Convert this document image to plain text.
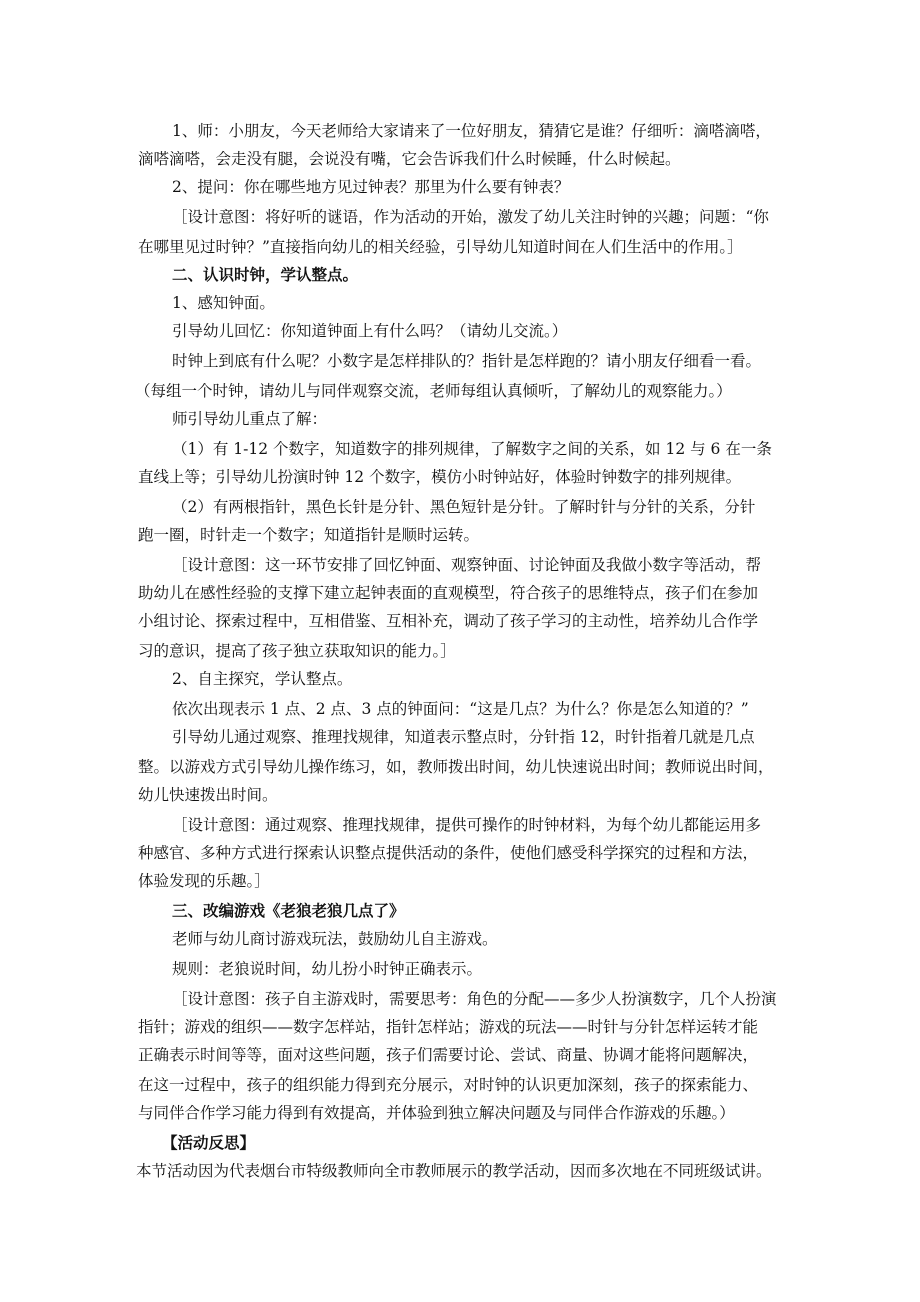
1、师：小朋友，今天老师给大家请来了一位好朋友，猜猜它是谁？仔细听：滴嗒滴嗒，
滴嗒滴嗒，会走没有腿，会说没有嘴，它会告诉我们什么时候睡，什么时候起。
2、提问：你在哪些地方见过钟表？那里为什么要有钟表？
［设计意图：将好听的谜语，作为活动的开始，激发了幼儿关注时钟的兴趣；问题：“你
在哪里见过时钟？”直接指向幼儿的相关经验，引导幼儿知道时间在人们生活中的作用。］
二、认识时钟，学认整点。
1、感知钟面。
引导幼儿回忆：你知道钟面上有什么吗？（请幼儿交流。）
时钟上到底有什么呢？小数字是怎样排队的？指针是怎样跑的？请小朋友仔细看一看。
（每组一个时钟，请幼儿与同伴观察交流，老师每组认真倾听，了解幼儿的观察能力。）
师引导幼儿重点了解：
（1）有 1-12 个数字，知道数字的排列规律，了解数字之间的关系，如 12 与 6 在一条
直线上等；引导幼儿扮演时钟 12 个数字，模仿小时钟站好，体验时钟数字的排列规律。
（2）有两根指针，黑色长针是分针、黑色短针是分针。了解时针与分针的关系，分针
跑一圈，时针走一个数字；知道指针是顺时运转。
［设计意图：这一环节安排了回忆钟面、观察钟面、讨论钟面及我做小数字等活动，帮
助幼儿在感性经验的支撑下建立起钟表面的直观模型，符合孩子的思维特点，孩子们在参加
小组讨论、探索过程中，互相借鉴、互相补充，调动了孩子学习的主动性，培养幼儿合作学
习的意识，提高了孩子独立获取知识的能力。］
2、自主探究，学认整点。
依次出现表示 1 点、2 点、3 点的钟面问：“这是几点？为什么？你是怎么知道的？”
引导幼儿通过观察、推理找规律，知道表示整点时，分针指 12，时针指着几就是几点
整。以游戏方式引导幼儿操作练习，如，教师拨出时间，幼儿快速说出时间；教师说出时间，
幼儿快速拨出时间。
［设计意图：通过观察、推理找规律，提供可操作的时钟材料，为每个幼儿都能运用多
种感官、多种方式进行探索认识整点提供活动的条件，使他们感受科学探究的过程和方法，
体验发现的乐趣。］
三、改编游戏《老狼老狼几点了》
老师与幼儿商讨游戏玩法，鼓励幼儿自主游戏。
规则：老狼说时间，幼儿扮小时钟正确表示。
［设计意图：孩子自主游戏时，需要思考：角色的分配——多少人扮演数字，几个人扮演
指针；游戏的组织——数字怎样站，指针怎样站；游戏的玩法——时针与分针怎样运转才能
正确表示时间等等，面对这些问题，孩子们需要讨论、尝试、商量、协调才能将问题解决，
在这一过程中，孩子的组织能力得到充分展示，对时钟的认识更加深刻，孩子的探索能力、
与同伴合作学习能力得到有效提高，并体验到独立解决问题及与同伴合作游戏的乐趣。）
【活动反思】
本节活动因为代表烟台市特级教师向全市教师展示的教学活动，因而多次地在不同班级试讲。
